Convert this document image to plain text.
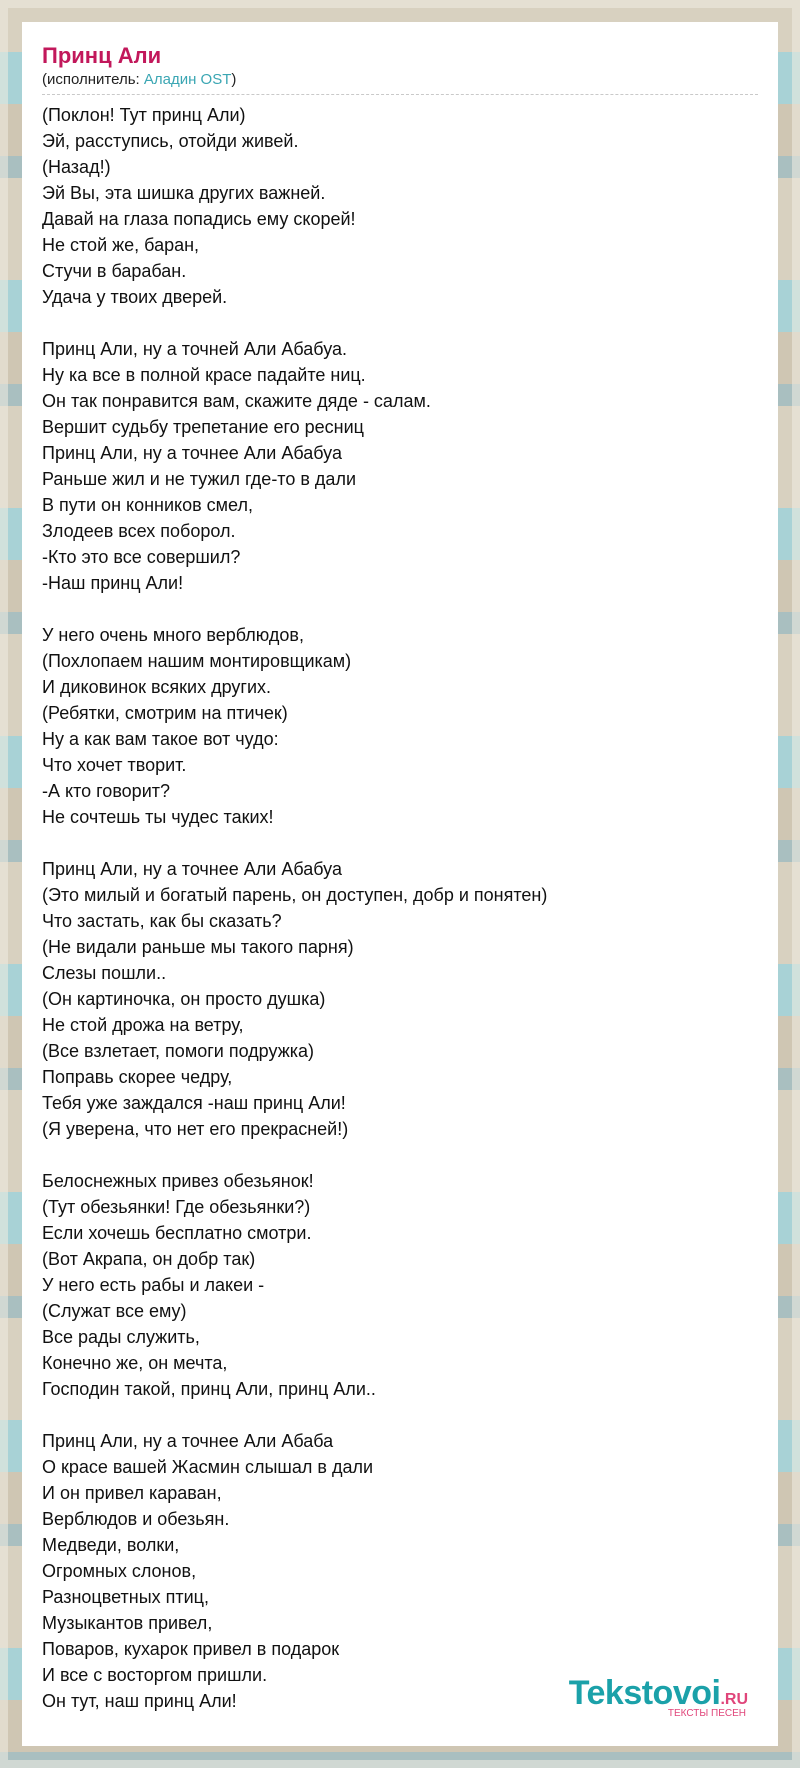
Принц Али
(исполнитель: Аладин OST)
(Поклон! Тут принц Али)
Эй, расступись, отойди живей.
(Назад!)
Эй Вы, эта шишка других важней.
Давай на глаза попадись ему скорей!
Не стой же, баран,
Стучи в барабан.
Удача у твоих дверей.
Принц Али, ну а точней Али Абабуа.
Ну ка все в полной красе падайте ниц.
Он так понравится вам, скажите дяде - салам.
Вершит судьбу трепетание его ресниц
Принц Али, ну а точнее Али Абабуа
Раньше жил и не тужил где-то в дали
В пути он конников смел,
Злодеев всех поборол.
-Кто это все совершил?
-Наш принц Али!
У него очень много верблюдов,
(Похлопаем нашим монтировщикам)
И диковинок всяких других.
(Ребятки, смотрим на птичек)
Ну а как вам такое вот чудо:
Что хочет творит.
-А кто говорит?
Не сочтешь ты чудес таких!
Принц Али, ну а точнее Али Абабуа
(Это милый и богатый парень, он доступен, добр и понятен)
Что застать, как бы сказать?
(Не видали раньше мы такого парня)
Слезы пошли..
(Он картиночка, он просто душка)
Не стой дрожа на ветру,
(Все взлетает, помоги подружка)
Поправь скорее чедру,
Тебя уже заждался -наш принц Али!
(Я уверена, что нет его прекрасней!)
Белоснежных привез обезьянок!
(Тут обезьянки! Где обезьянки?)
Если хочешь бесплатно смотри.
(Вот Акрапа, он добр так)
У него есть рабы и лакеи -
(Служат все ему)
Все рады служить,
Конечно же, он мечта,
Господин такой, принц Али, принц Али..
Принц Али, ну а точнее Али Абаба
О красе вашей Жасмин слышал в дали
И он привел караван,
Верблюдов и обезьян.
Медведи, волки,
Огромных слонов,
Разноцветных птиц,
Музыкантов привел,
Поваров, кухарок привел в подарок
И все с восторгом пришли.
Он тут, наш принц Али!	Tekstovoi.RU
ТЕКСТЫ ПЕСЕН
